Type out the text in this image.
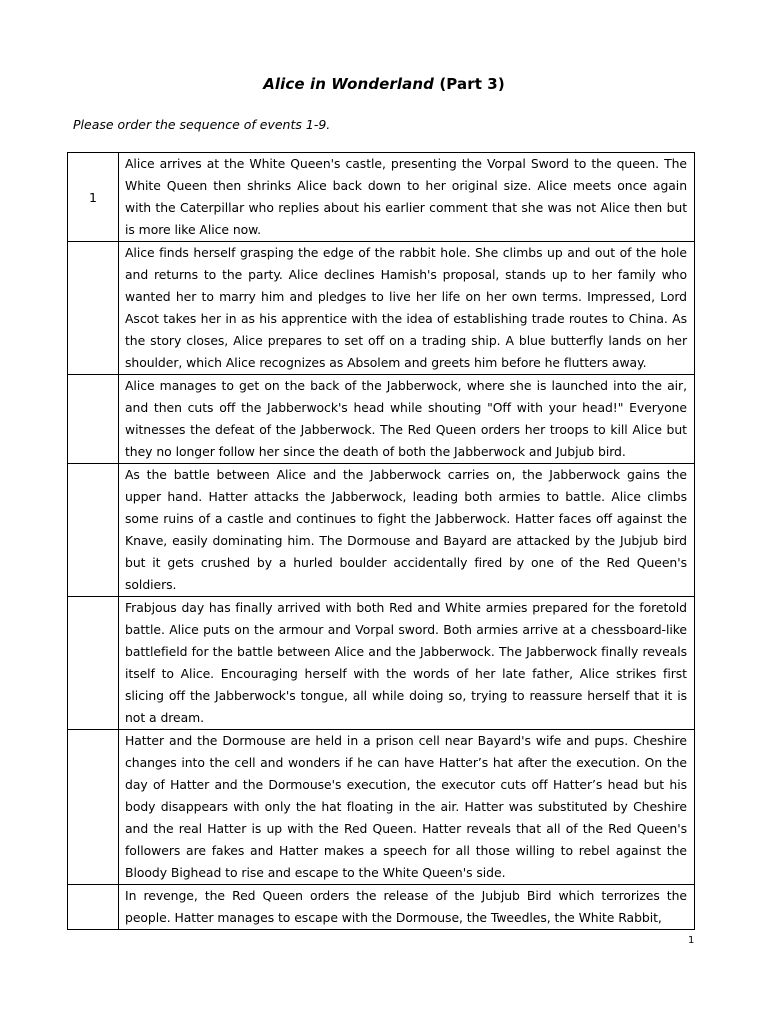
Alice in Wonderland (Part 3)
Please order the sequence of events 1-9.
1	Alice arrives at the White Queen's castle, presenting the Vorpal Sword to the queen. The White Queen then shrinks Alice back down to her original size. Alice meets once again with the Caterpillar who replies about his earlier comment that she was not Alice then but is more like Alice now.
	Alice finds herself grasping the edge of the rabbit hole. She climbs up and out of the hole and returns to the party. Alice declines Hamish's proposal, stands up to her family who wanted her to marry him and pledges to live her life on her own terms. Impressed, Lord Ascot takes her in as his apprentice with the idea of establishing trade routes to China. As the story closes, Alice prepares to set off on a trading ship. A blue butterfly lands on her shoulder, which Alice recognizes as Absolem and greets him before he flutters away.
	Alice manages to get on the back of the Jabberwock, where she is launched into the air, and then cuts off the Jabberwock's head while shouting "Off with your head!" Everyone witnesses the defeat of the Jabberwock. The Red Queen orders her troops to kill Alice but they no longer follow her since the death of both the Jabberwock and Jubjub bird.
	As the battle between Alice and the Jabberwock carries on, the Jabberwock gains the upper hand. Hatter attacks the Jabberwock, leading both armies to battle. Alice climbs some ruins of a castle and continues to fight the Jabberwock. Hatter faces off against the Knave, easily dominating him. The Dormouse and Bayard are attacked by the Jubjub bird but it gets crushed by a hurled boulder accidentally fired by one of the Red Queen's soldiers.
	Frabjous day has finally arrived with both Red and White armies prepared for the foretold battle. Alice puts on the armour and Vorpal sword. Both armies arrive at a chessboard-like battlefield for the battle between Alice and the Jabberwock. The Jabberwock finally reveals itself to Alice. Encouraging herself with the words of her late father, Alice strikes first slicing off the Jabberwock's tongue, all while doing so, trying to reassure herself that it is not a dream.
	Hatter and the Dormouse are held in a prison cell near Bayard's wife and pups. Cheshire changes into the cell and wonders if he can have Hatter’s hat after the execution. On the day of Hatter and the Dormouse's execution, the executor cuts off Hatter’s head but his body disappears with only the hat floating in the air. Hatter was substituted by Cheshire and the real Hatter is up with the Red Queen. Hatter reveals that all of the Red Queen's followers are fakes and Hatter makes a speech for all those willing to rebel against the Bloody Bighead to rise and escape to the White Queen's side.
	In revenge, the Red Queen orders the release of the Jubjub Bird which terrorizes the people. Hatter manages to escape with the Dormouse, the Tweedles, the White Rabbit,
1
